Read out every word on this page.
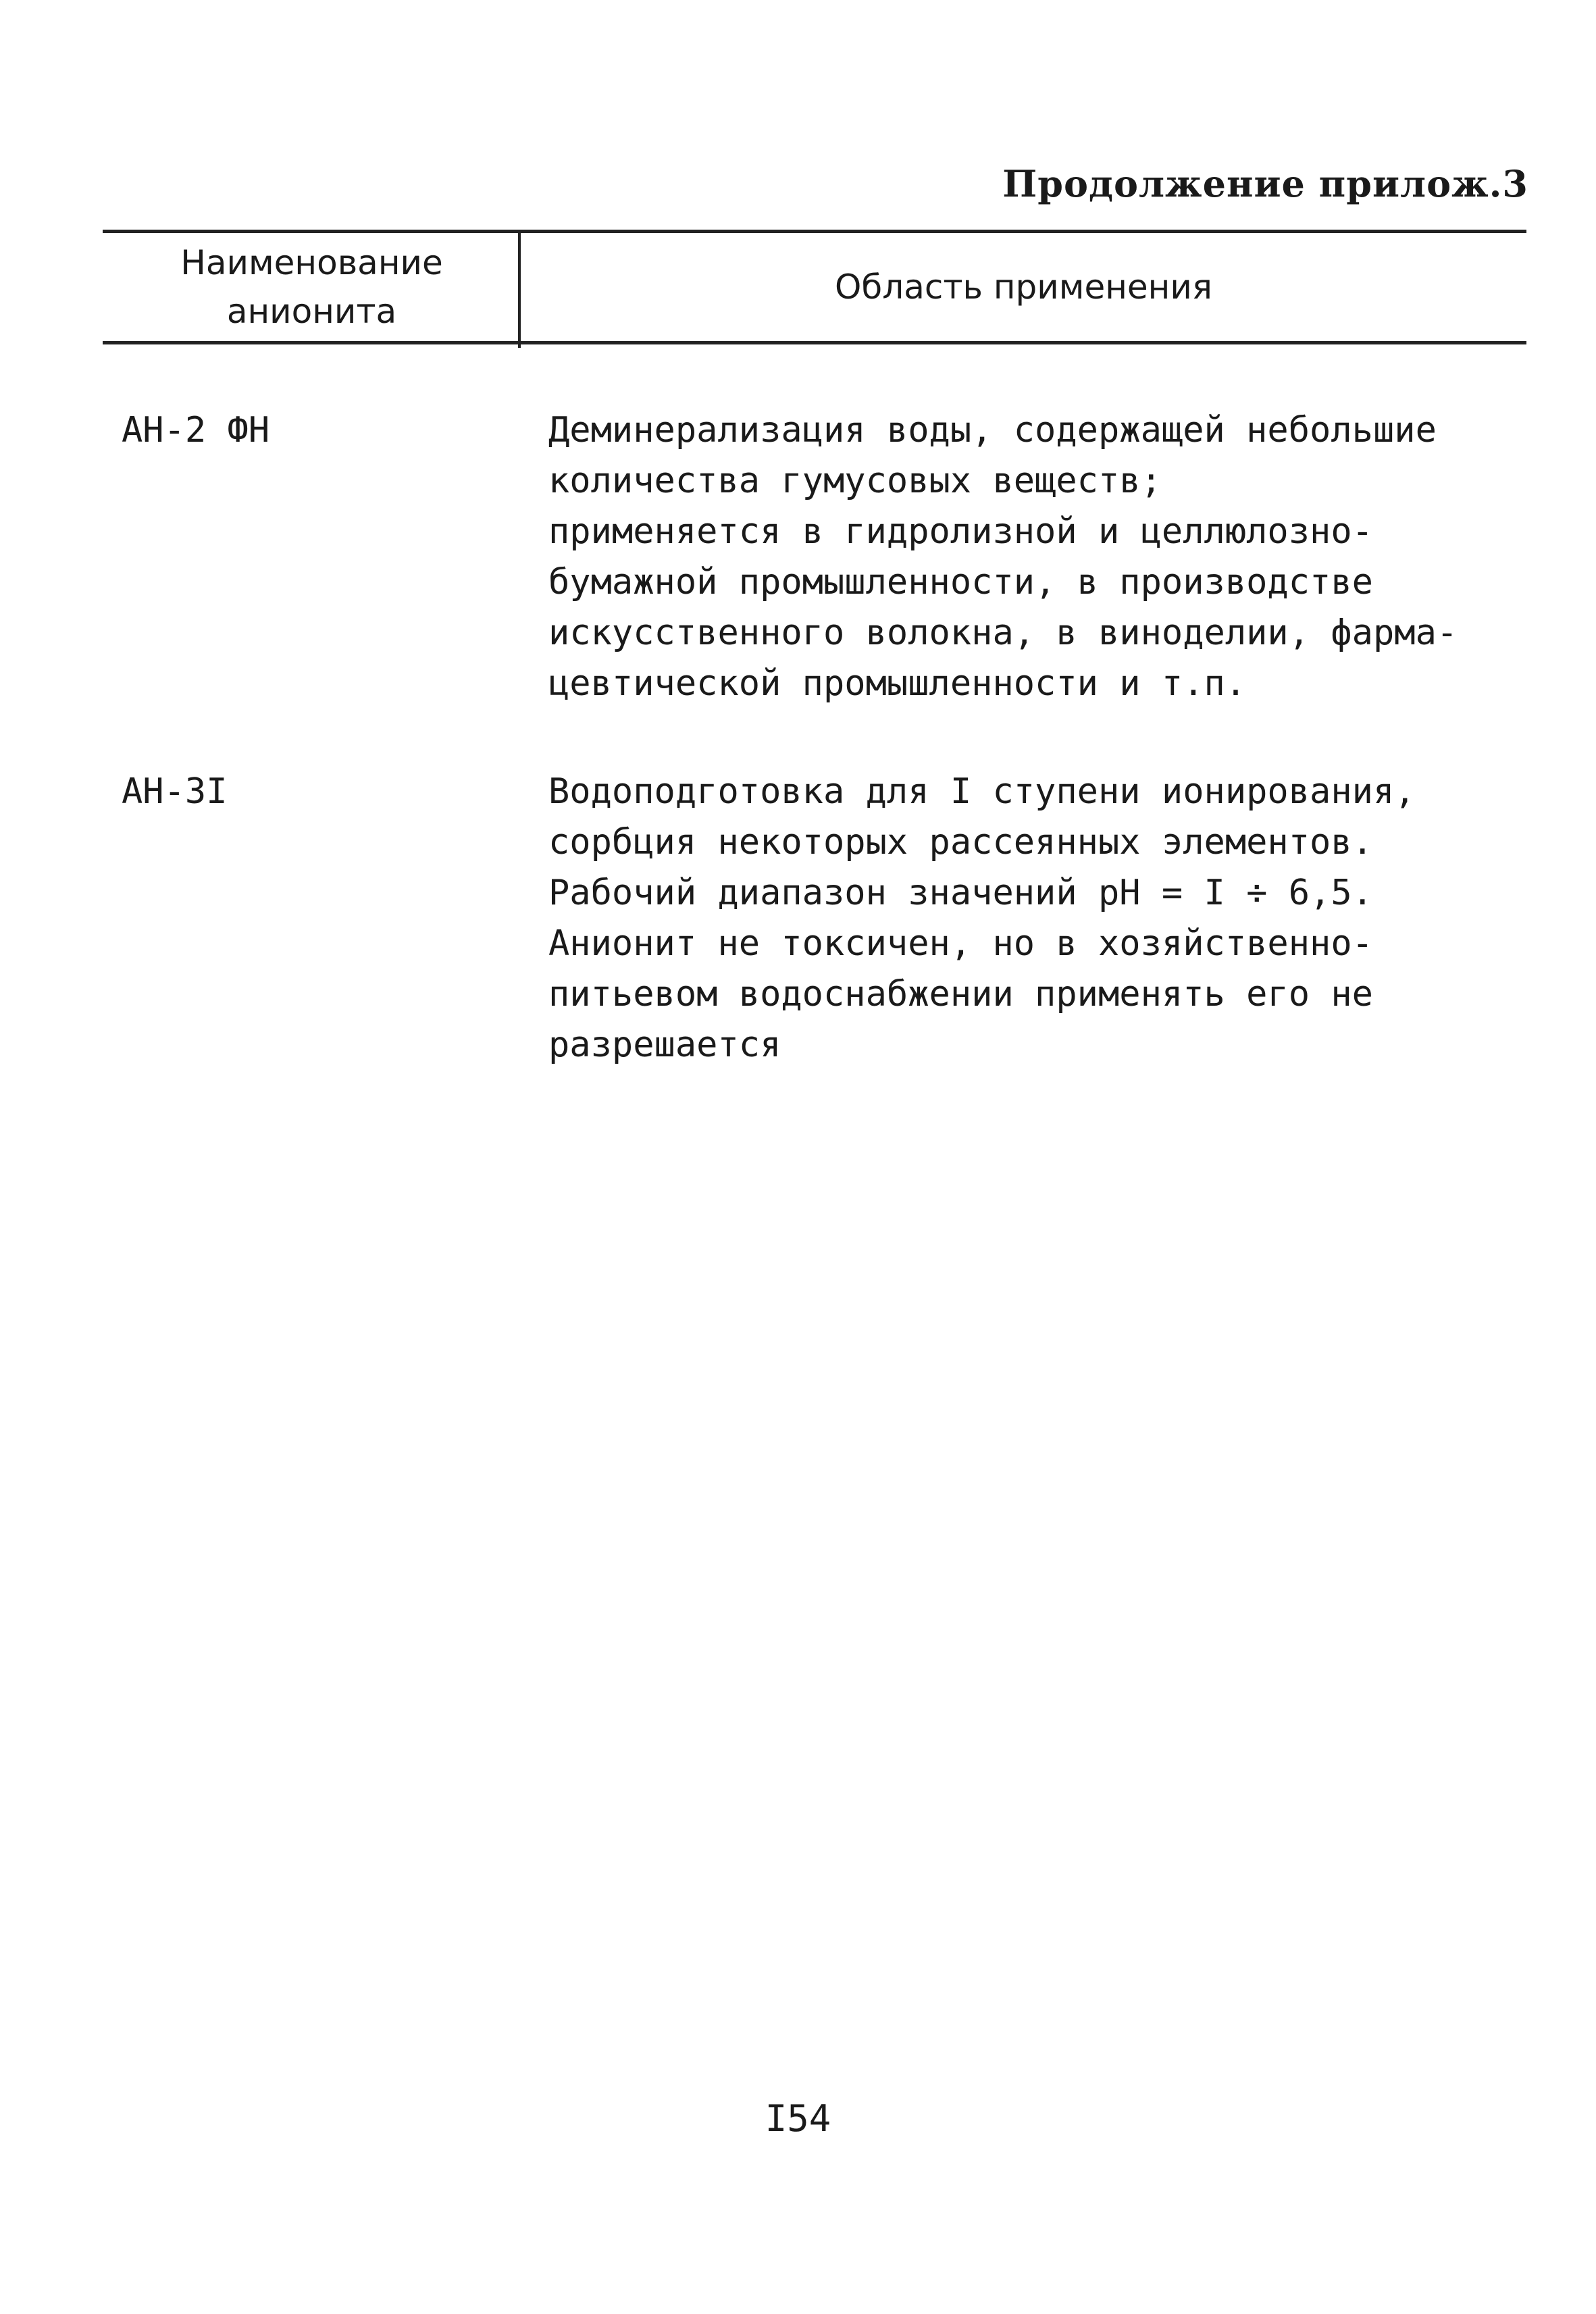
Продолжение прилож.3
Наименование
анионита
Область применения
АН-2 ФН	Деминерализация воды, содержащей небольшие
количества гумусовых веществ;
применяется в гидролизной и целлюлозно-
бумажной промышленности, в производстве
искусственного волокна, в виноделии, фарма-
цевтической промышленности и т.п.
АН-3I	Водоподготовка для I ступени ионирования,
сорбция некоторых рассеянных элементов.
Рабочий диапазон значений pH = I ÷ 6,5.
Анионит не токсичен, но в хозяйственно-
питьевом водоснабжении применять его не
разрешается
I54
